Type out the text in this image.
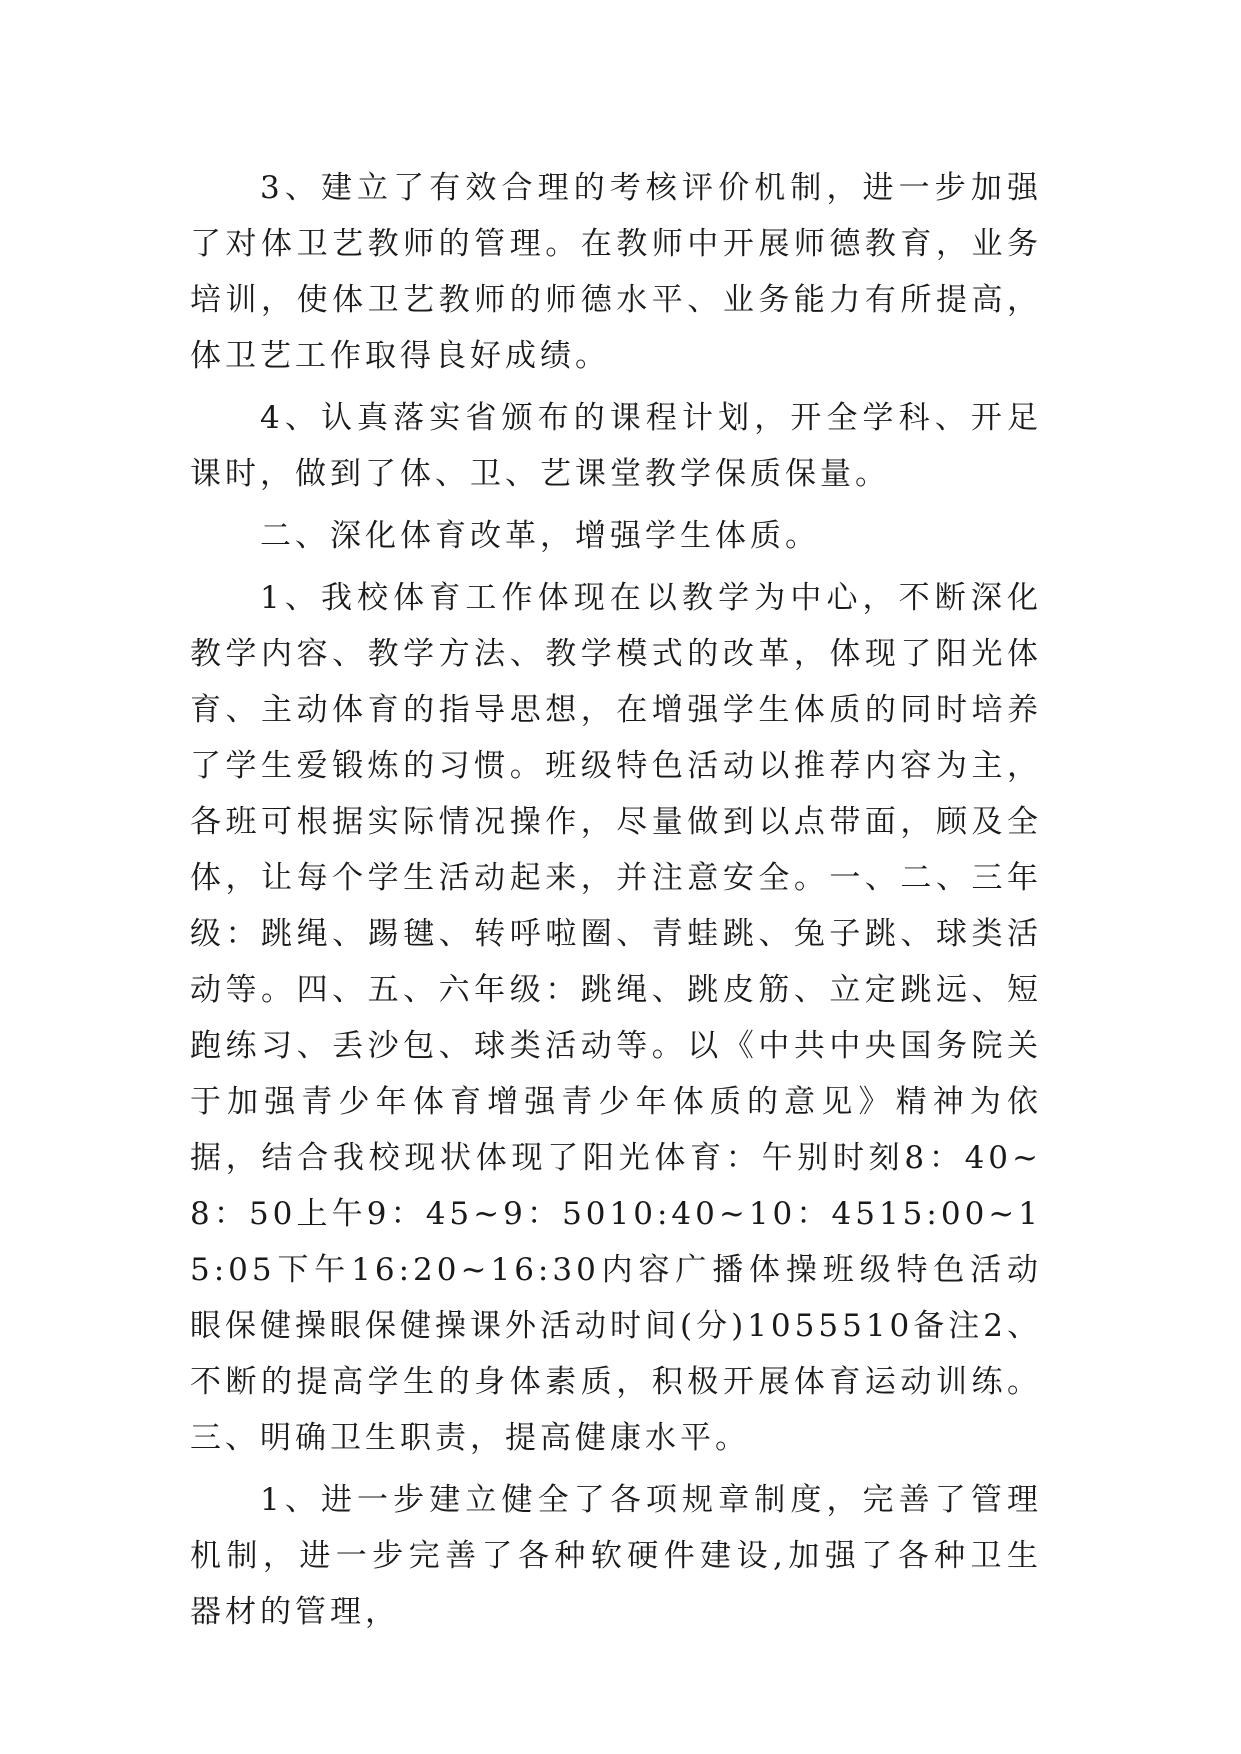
3、建立了有效合理的考核评价机制，进一步加强了对体卫艺教师的管理。在教师中开展师德教育，业务培训，使体卫艺教师的师德水平、业务能力有所提高，体卫艺工作取得良好成绩。

4、认真落实省颁布的课程计划，开全学科、开足课时，做到了体、卫、艺课堂教学保质保量。

二、深化体育改革，增强学生体质。

1、我校体育工作体现在以教学为中心，不断深化教学内容、教学方法、教学模式的改革，体现了阳光体育、主动体育的指导思想，在增强学生体质的同时培养了学生爱锻炼的习惯。班级特色活动以推荐内容为主，各班可根据实际情况操作，尽量做到以点带面，顾及全体，让每个学生活动起来，并注意安全。一、二、三年级：跳绳、踢毽、转呼啦圈、青蛙跳、兔子跳、球类活动等。四、五、六年级：跳绳、跳皮筋、立定跳远、短跑练习、丢沙包、球类活动等。以《中共中央国务院关于加强青少年体育增强青少年体质的意见》精神为依据，结合我校现状体现了阳光体育：午别时刻8：40~8：50上午9：45~9：5010:40~10：4515:00~15:05下午16:20~16:30内容广播体操班级特色活动眼保健操眼保健操课外活动时间(分)1055510备注2、不断的提高学生的身体素质，积极开展体育运动训练。三、明确卫生职责，提高健康水平。

1、进一步建立健全了各项规章制度，完善了管理机制，进一步完善了各种软硬件建设,加强了各种卫生器材的管理，
